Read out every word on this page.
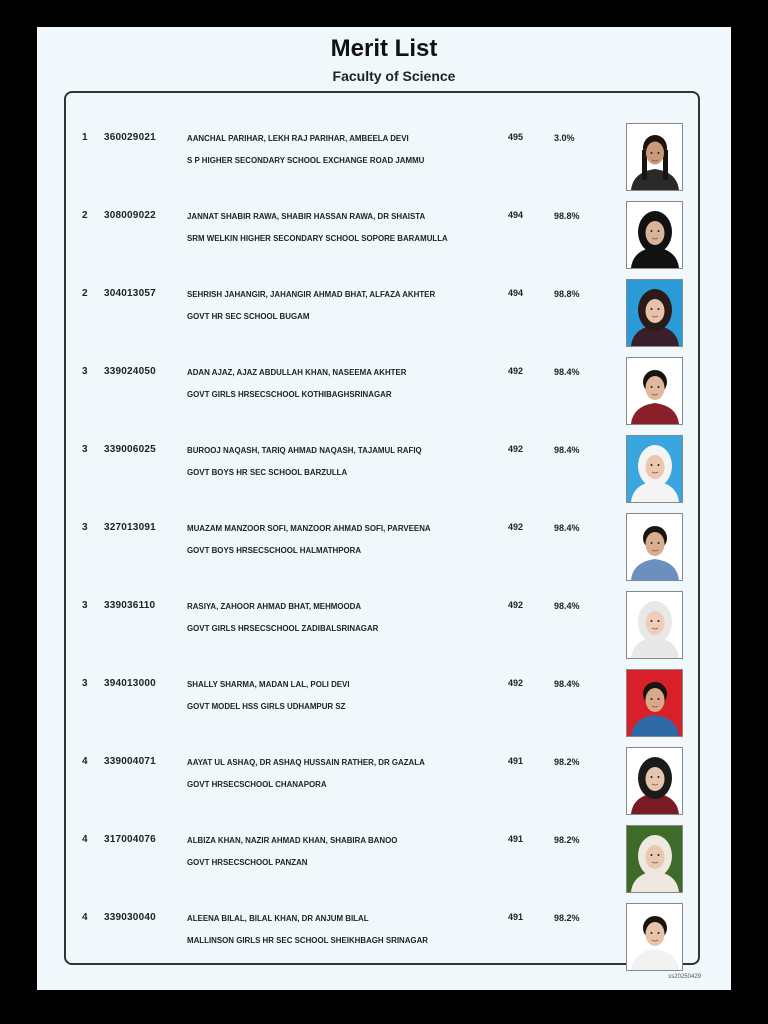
Merit List
Faculty of Science
1 360029021	AANCHAL PARIHAR, LEKH RAJ PARIHAR, AMBEELA DEVI
S P HIGHER SECONDARY SCHOOL EXCHANGE ROAD JAMMU
495	3.0%
2 308009022	JANNAT SHABIR RAWA, SHABIR HASSAN RAWA, DR SHAISTA
SRM WELKIN HIGHER SECONDARY SCHOOL SOPORE BARAMULLA
494	98.8%
2 304013057	SEHRISH JAHANGIR, JAHANGIR AHMAD BHAT, ALFAZA AKHTER
GOVT HR SEC SCHOOL BUGAM
494	98.8%
3 339024050	ADAN AJAZ, AJAZ ABDULLAH KHAN, NASEEMA AKHTER
GOVT GIRLS HRSECSCHOOL KOTHIBAGHSRINAGAR
492	98.4%
3 339006025	BUROOJ NAQASH, TARIQ AHMAD NAQASH, TAJAMUL RAFIQ
GOVT BOYS HR SEC SCHOOL BARZULLA
492	98.4%
3 327013091	MUAZAM MANZOOR SOFI, MANZOOR AHMAD SOFI, PARVEENA
GOVT BOYS HRSECSCHOOL HALMATHPORA
492	98.4%
3 339036110	RASIYA, ZAHOOR AHMAD BHAT, MEHMOODA
GOVT GIRLS HRSECSCHOOL ZADIBALSRINAGAR
492	98.4%
3 394013000	SHALLY SHARMA, MADAN LAL, POLI DEVI
GOVT MODEL HSS GIRLS UDHAMPUR SZ
492	98.4%
4 339004071	AAYAT UL ASHAQ, DR ASHAQ HUSSAIN RATHER, DR GAZALA
GOVT HRSECSCHOOL CHANAPORA
491	98.2%
4 317004076	ALBIZA KHAN, NAZIR AHMAD KHAN, SHABIRA BANOO
GOVT HRSECSCHOOL PANZAN
491	98.2%
4 339030040	ALEENA BILAL, BILAL KHAN, DR ANJUM BILAL
MALLINSON GIRLS HR SEC SCHOOL SHEIKHBAGH SRINAGAR
491	98.2%
ss20250429
